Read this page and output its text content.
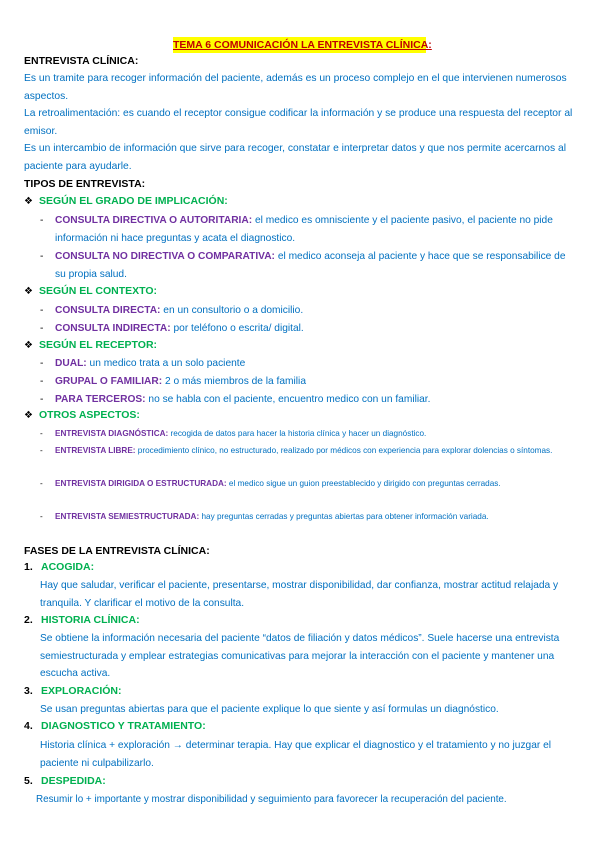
TEMA 6 COMUNICACIÓN LA ENTREVISTA CLÍNICA:
ENTREVISTA CLÍNICA:
Es un tramite para recoger información del paciente, además es un proceso complejo en el que intervienen numerosos aspectos.
La retroalimentación: es cuando el receptor consigue codificar la información y se produce una respuesta del receptor al emisor.
Es un intercambio de información que sirve para recoger, constatar e interpretar datos y que nos permite acercarnos al paciente para ayudarle.
TIPOS DE ENTREVISTA:
❖ SEGÚN EL GRADO DE IMPLICACIÓN:
- CONSULTA DIRECTIVA O AUTORITARIA: el medico es omnisciente y el paciente pasivo, el paciente no pide información ni hace preguntas y acata el diagnostico.
- CONSULTA NO DIRECTIVA O COMPARATIVA: el medico aconseja al paciente y hace que se responsabilice de su propia salud.
❖ SEGÚN EL CONTEXTO:
- CONSULTA DIRECTA: en un consultorio o a domicilio.
- CONSULTA INDIRECTA: por teléfono o escrita/ digital.
❖ SEGÚN EL RECEPTOR:
- DUAL: un medico trata a un solo paciente
- GRUPAL O FAMILIAR: 2 o más miembros de la familia
- PARA TERCEROS: no se habla con el paciente, encuentro medico con un familiar.
❖ OTROS ASPECTOS:
- ENTREVISTA DIAGNÓSTICA: recogida de datos para hacer la historia clínica y hacer un diagnóstico.
- ENTREVISTA LIBRE: procedimiento clínico, no estructurado, realizado por médicos con experiencia para explorar dolencias o síntomas.
- ENTREVISTA DIRIGIDA O ESTRUCTURADA: el medico sigue un guion preestablecido y dirigido con preguntas cerradas.
- ENTREVISTA SEMIESTRUCTURADA: hay preguntas cerradas y preguntas abiertas para obtener información variada.
FASES DE LA ENTREVISTA CLÍNICA:
1. ACOGIDA:
Hay que saludar, verificar el paciente, presentarse, mostrar disponibilidad, dar confianza, mostrar actitud relajada y tranquila. Y clarificar el motivo de la consulta.
2. HISTORIA CLÍNICA:
Se obtiene la información necesaria del paciente “datos de filiación y datos médicos”. Suele hacerse una entrevista semiestructurada y emplear estrategias comunicativas para mejorar la interacción con el paciente y mantener una escucha activa.
3. EXPLORACIÓN:
Se usan preguntas abiertas para que el paciente explique lo que siente y así formulas un diagnóstico.
4. DIAGNOSTICO Y TRATAMIENTO:
Historia clínica + exploración → determinar terapia. Hay que explicar el diagnostico y el tratamiento y no juzgar el paciente ni culpabilizarlo.
5. DESPEDIDA:
Resumir lo + importante y mostrar disponibilidad y seguimiento para favorecer la recuperación del paciente.
